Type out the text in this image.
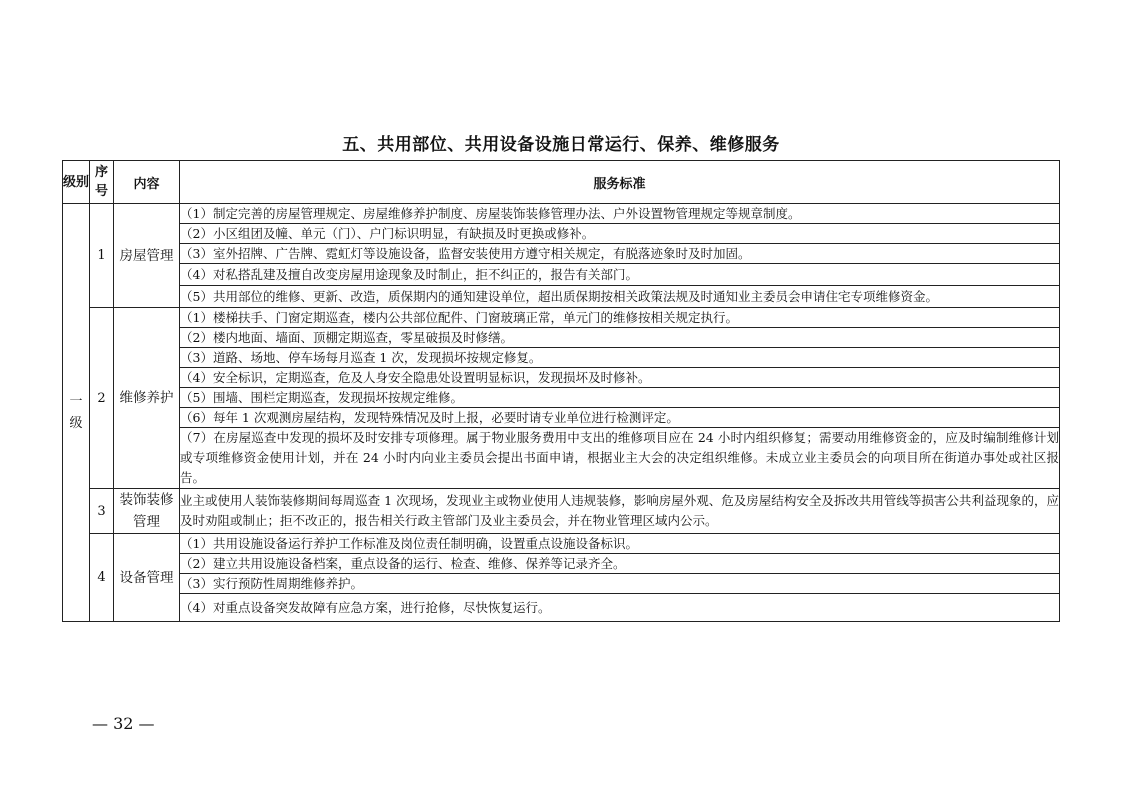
五、共用部位、共用设备设施日常运行、保养、维修服务
级别	序号	内容	服务标准
一级	1	房屋管理	（1）制定完善的房屋管理规定、房屋维修养护制度、房屋装饰装修管理办法、户外设置物管理规定等规章制度。
			（2）小区组团及幢、单元（门）、户门标识明显，有缺损及时更换或修补。
			（3）室外招牌、广告牌、霓虹灯等设施设备，监督安装使用方遵守相关规定，有脱落迹象时及时加固。
			（4）对私搭乱建及擅自改变房屋用途现象及时制止，拒不纠正的，报告有关部门。
			（5）共用部位的维修、更新、改造，质保期内的通知建设单位，超出质保期按相关政策法规及时通知业主委员会申请住宅专项维修资金。
	2	维修养护	（1）楼梯扶手、门窗定期巡查，楼内公共部位配件、门窗玻璃正常，单元门的维修按相关规定执行。
			（2）楼内地面、墙面、顶棚定期巡查，零星破损及时修缮。
			（3）道路、场地、停车场每月巡查 1 次，发现损坏按规定修复。
			（4）安全标识，定期巡查，危及人身安全隐患处设置明显标识，发现损坏及时修补。
			（5）围墙、围栏定期巡查，发现损坏按规定维修。
			（6）每年 1 次观测房屋结构，发现特殊情况及时上报，必要时请专业单位进行检测评定。
			（7）在房屋巡查中发现的损坏及时安排专项修理。属于物业服务费用中支出的维修项目应在 24 小时内组织修复；需要动用维修资金的，应及时编制维修计划或专项维修资金使用计划，并在 24 小时内向业主委员会提出书面申请，根据业主大会的决定组织维修。未成立业主委员会的向项目所在街道办事处或社区报告。
	3	装饰装修管理	业主或使用人装饰装修期间每周巡查 1 次现场，发现业主或物业使用人违规装修，影响房屋外观、危及房屋结构安全及拆改共用管线等损害公共利益现象的，应及时劝阻或制止；拒不改正的，报告相关行政主管部门及业主委员会，并在物业管理区域内公示。
	4	设备管理	（1）共用设施设备运行养护工作标准及岗位责任制明确，设置重点设施设备标识。
			（2）建立共用设施设备档案，重点设备的运行、检查、维修、保养等记录齐全。
			（3）实行预防性周期维修养护。
			（4）对重点设备突发故障有应急方案，进行抢修，尽快恢复运行。
— 32 —
